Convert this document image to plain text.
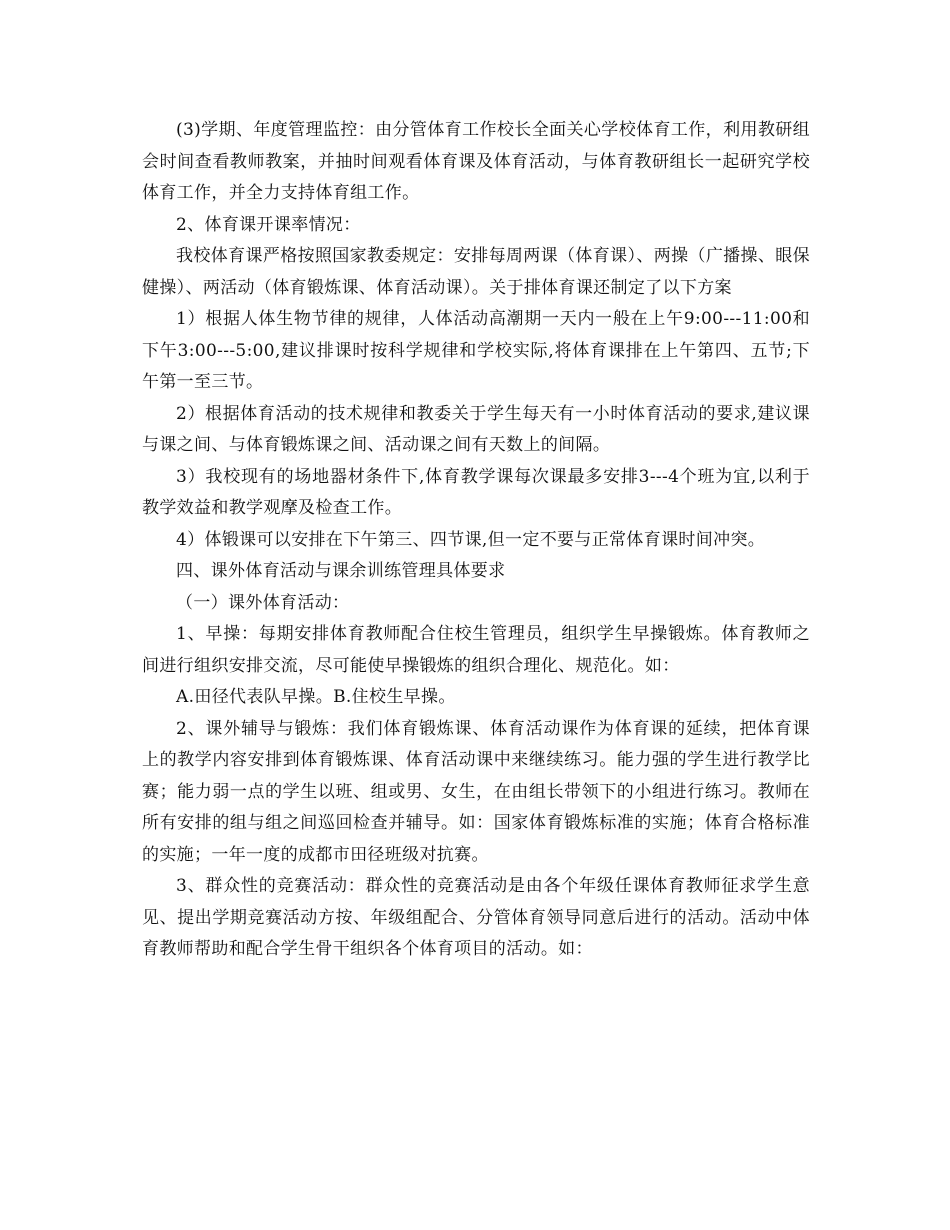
(3)学期、年度管理监控：由分管体育工作校长全面关心学校体育工作，利用教研组会时间查看教师教案，并抽时间观看体育课及体育活动，与体育教研组长一起研究学校体育工作，并全力支持体育组工作。

2、体育课开课率情况：

我校体育课严格按照国家教委规定：安排每周两课（体育课）、两操（广播操、眼保健操）、两活动（体育锻炼课、体育活动课）。关于排体育课还制定了以下方案

1）根据人体生物节律的规律，人体活动高潮期一天内一般在上午9:00---11:00和下午3:00---5:00,建议排课时按科学规律和学校实际,将体育课排在上午第四、五节;下午第一至三节。

2）根据体育活动的技术规律和教委关于学生每天有一小时体育活动的要求,建议课与课之间、与体育锻炼课之间、活动课之间有天数上的间隔。

3）我校现有的场地器材条件下,体育教学课每次课最多安排3---4个班为宜,以利于教学效益和教学观摩及检查工作。

4）体锻课可以安排在下午第三、四节课,但一定不要与正常体育课时间冲突。

四、课外体育活动与课余训练管理具体要求

（一）课外体育活动：

1、早操：每期安排体育教师配合住校生管理员，组织学生早操锻炼。体育教师之间进行组织安排交流，尽可能使早操锻炼的组织合理化、规范化。如：

A.田径代表队早操。B.住校生早操。

2、课外辅导与锻炼：我们体育锻炼课、体育活动课作为体育课的延续，把体育课上的教学内容安排到体育锻炼课、体育活动课中来继续练习。能力强的学生进行教学比赛；能力弱一点的学生以班、组或男、女生，在由组长带领下的小组进行练习。教师在所有安排的组与组之间巡回检查并辅导。如：国家体育锻炼标准的实施；体育合格标准的实施；一年一度的成都市田径班级对抗赛。

3、群众性的竞赛活动：群众性的竞赛活动是由各个年级任课体育教师征求学生意见、提出学期竞赛活动方按、年级组配合、分管体育领导同意后进行的活动。活动中体育教师帮助和配合学生骨干组织各个体育项目的活动。如：
